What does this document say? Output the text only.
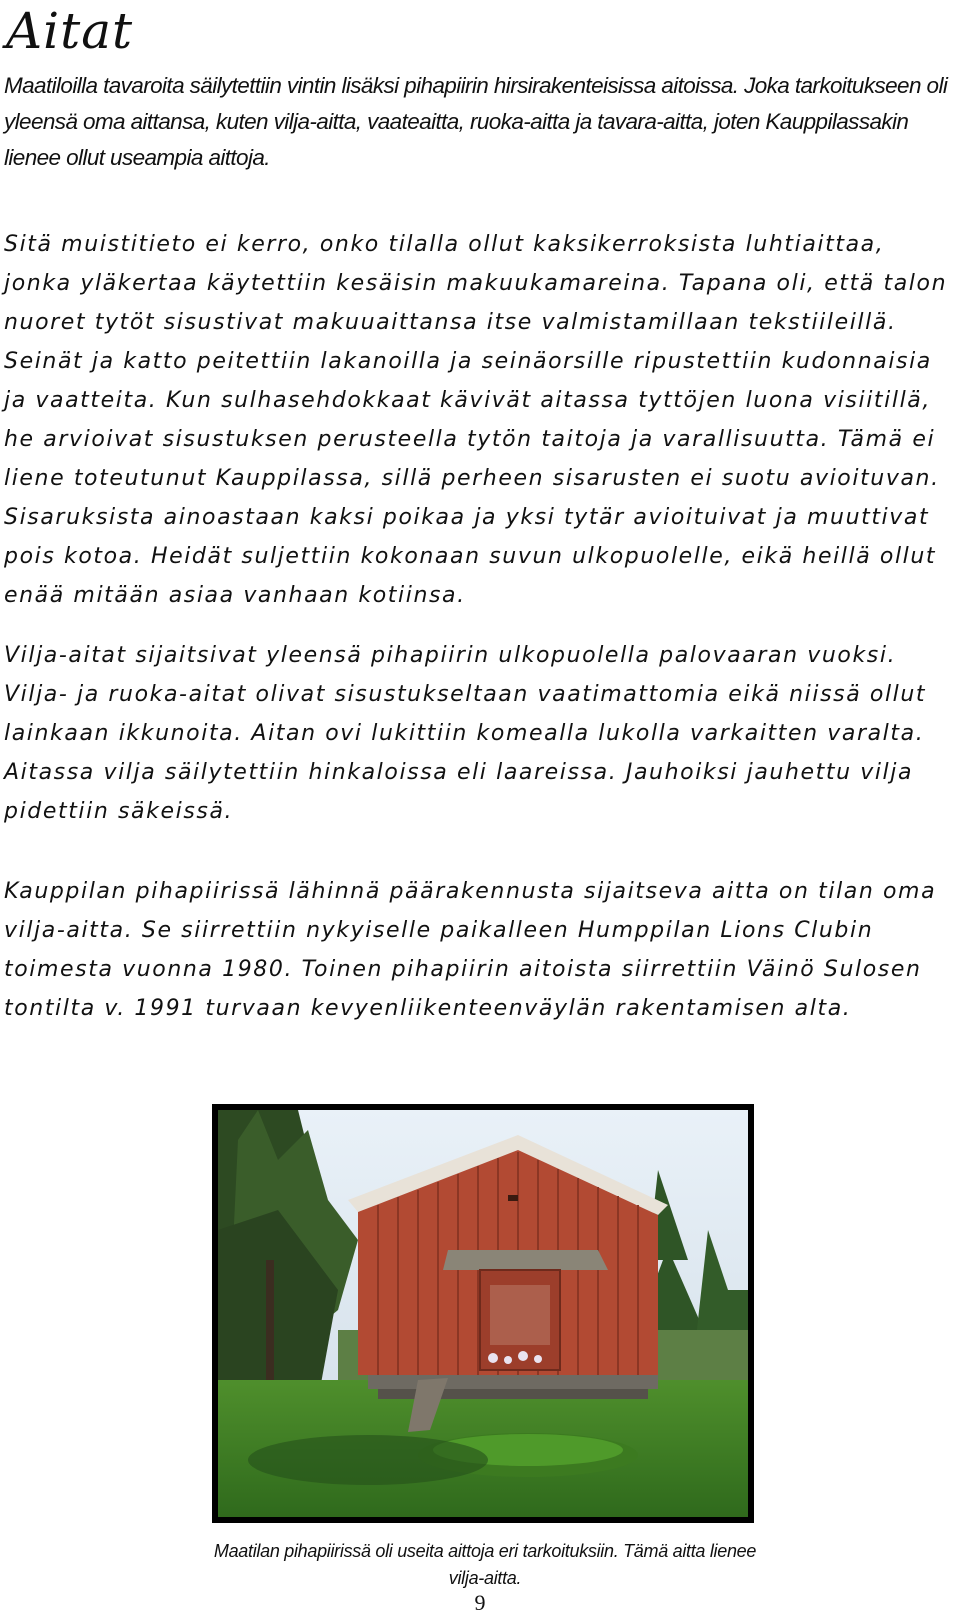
Aitat

Maatiloilla tavaroita säilytettiin vintin lisäksi pihapiirin hirsirakenteisissa aitoissa. Joka tarkoitukseen oli yleensä oma aittansa, kuten vilja-aitta, vaateaitta, ruoka-aitta ja tavara-aitta, joten Kauppilassakin lienee ollut useampia aittoja.

Sitä muistitieto ei kerro, onko tilalla ollut kaksikerroksista luhtiaittaa, jonka yläkertaa käytettiin kesäisin makuukamareina. Tapana oli, että talon nuoret tytöt sisustivat makuuaittansa itse valmistamillaan tekstiileillä. Seinät ja katto peitettiin lakanoilla ja seinäorsille ripustettiin kudonnaisia ja vaatteita. Kun sulhasehdokkaat kävivät aitassa tyttöjen luona visiitillä, he arvioivat sisustuksen perusteella tytön taitoja ja varallisuutta. Tämä ei liene toteutunut Kauppilassa, sillä perheen sisarusten ei suotu avioituvan. Sisaruksista ainoastaan kaksi poikaa ja yksi tytär avioituivat ja muuttivat pois kotoa. Heidät suljettiin kokonaan suvun ulkopuolelle, eikä heillä ollut enää mitään asiaa vanhaan kotiinsa.

Vilja-aitat sijaitsivat yleensä pihapiirin ulkopuolella palovaaran vuoksi. Vilja- ja ruoka-aitat olivat sisustukseltaan vaatimattomia eikä niissä ollut lainkaan ikkunoita. Aitan ovi lukittiin komealla lukolla varkaitten varalta. Aitassa vilja säilytettiin hinkaloissa eli laareissa. Jauhoiksi jauhettu vilja pidettiin säkeissä.

Kauppilan pihapiirissä lähinnä päärakennusta sijaitseva aitta on tilan oma vilja-aitta. Se siirrettiin nykyiselle paikalleen Humppilan Lions Clubin toimesta vuonna 1980. Toinen pihapiirin aitoista siirrettiin Väinö Sulosen tontilta v. 1991 turvaan kevyenliikenteenväylän rakentamisen alta.

Maatilan pihapiirissä oli useita aittoja eri tarkoituksiin. Tämä aitta lienee vilja-aitta.

9
